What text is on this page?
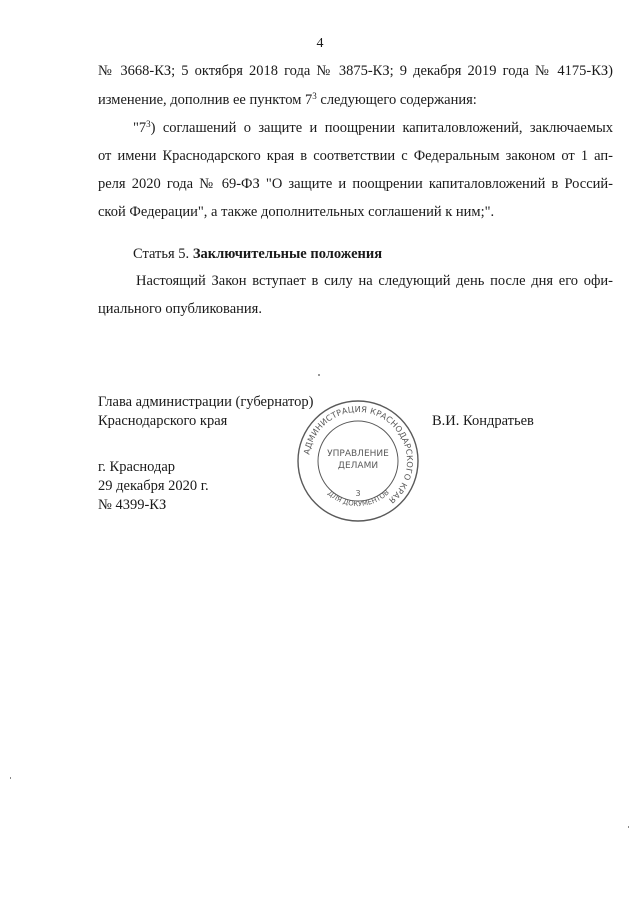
4
№ 3668-КЗ; 5 октября 2018 года № 3875-КЗ; 9 декабря 2019 года № 4175-КЗ)
изменение, дополнив ее пунктом $7^3$ следующего содержания:
"$7^3$) соглашений о защите и поощрении капиталовложений, заключаемых
от имени Краснодарского края в соответствии с Федеральным законом от 1 ап-
реля 2020 года № 69-ФЗ "О защите и поощрении капиталовложений в Россий-
ской Федерации", а также дополнительных соглашений к ним;".
Статья 5. Заключительные положения
Настоящий Закон вступает в силу на следующий день после дня его офи-
циального опубликования.
Глава администрации (губернатор)
Краснодарского края	В.И. Кондратьев
г. Краснодар
29 декабря 2020 г.
№ 4399-КЗ
АДМИНИСТРАЦИЯ КРАСНОДАРСКОГО КРАЯ
ДЛЯ ДОКУМЕНТОВ
УПРАВЛЕНИЕ
ДЕЛАМИ
3
